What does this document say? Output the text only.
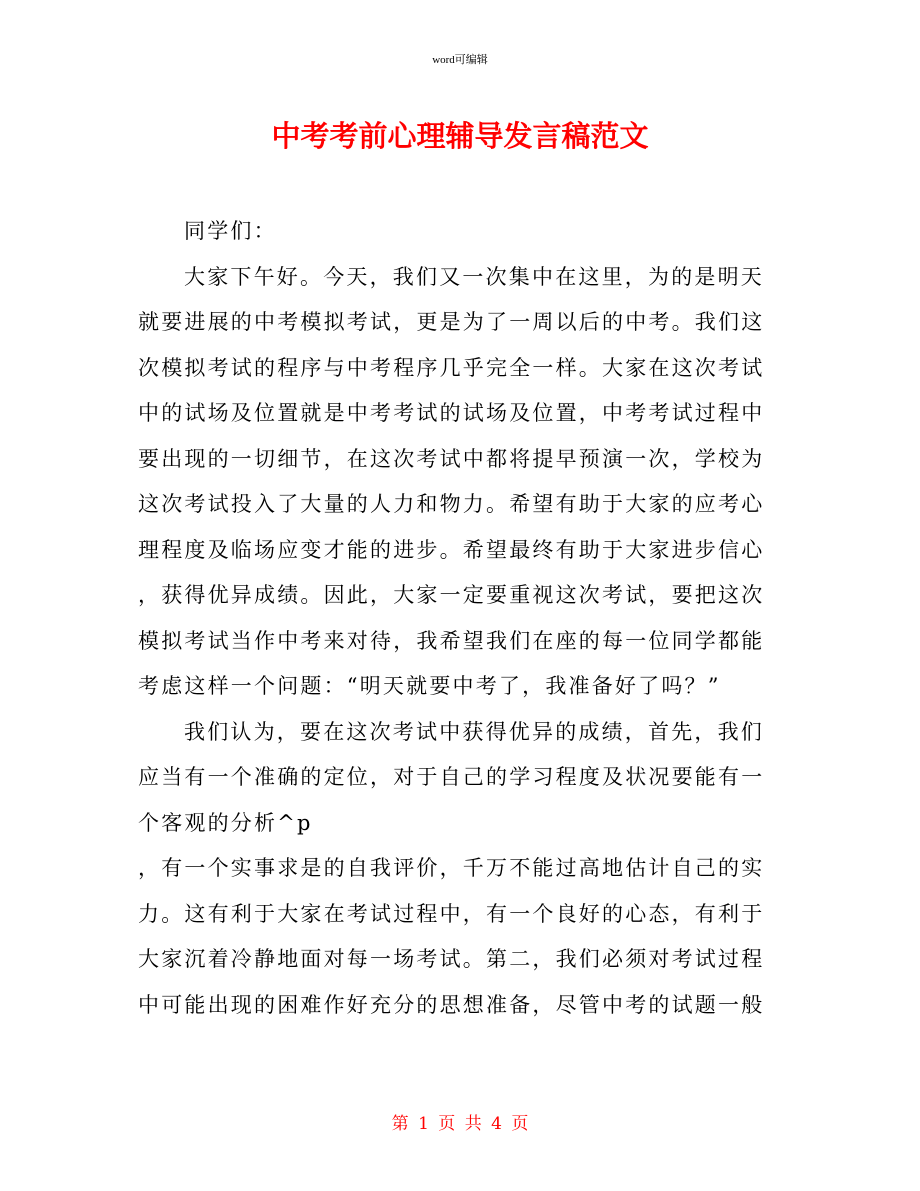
word可编辑
中考考前心理辅导发言稿范文

同学们：

大家下午好。今天，我们又一次集中在这里，为的是明天
就要进展的中考模拟考试，更是为了一周以后的中考。我们这
次模拟考试的程序与中考程序几乎完全一样。大家在这次考试
中的试场及位置就是中考考试的试场及位置，中考考试过程中
要出现的一切细节，在这次考试中都将提早预演一次，学校为
这次考试投入了大量的人力和物力。希望有助于大家的应考心
理程度及临场应变才能的进步。希望最终有助于大家进步信心
，获得优异成绩。因此，大家一定要重视这次考试，要把这次
模拟考试当作中考来对待，我希望我们在座的每一位同学都能
考虑这样一个问题：“明天就要中考了，我准备好了吗？”

我们认为，要在这次考试中获得优异的成绩，首先，我们
应当有一个准确的定位，对于自己的学习程度及状况要能有一
个客观的分析^p

，有一个实事求是的自我评价，千万不能过高地估计自己的实
力。这有利于大家在考试过程中，有一个良好的心态，有利于
大家沉着冷静地面对每一场考试。第二，我们必须对考试过程
中可能出现的困难作好充分的思想准备，尽管中考的试题一般

第 1 页 共 4 页
